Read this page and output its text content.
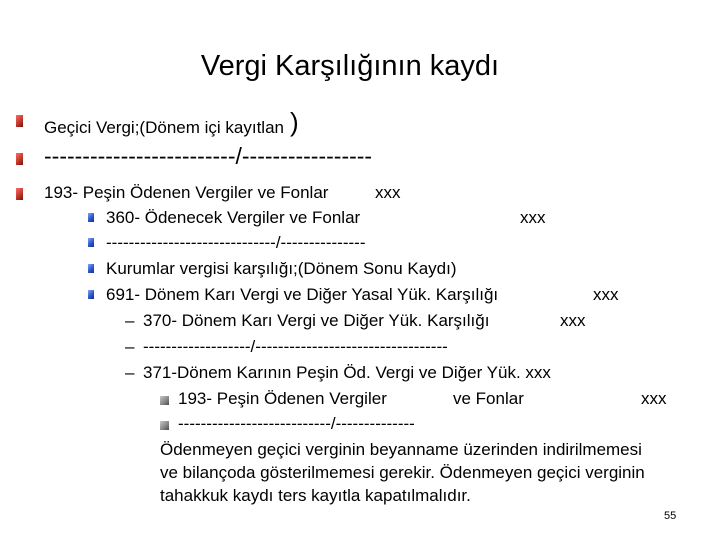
Vergi Karşılığının kaydı
Geçici Vergi;(Dönem içi kayıtlan )
-------------------------/-----------------
193- Peşin Ödenen Vergiler ve Fonlar	xxx
360- Ödenecek Vergiler ve Fonlar	xxx
------------------------------/---------------
Kurumlar vergisi karşılığı;(Dönem Sonu Kaydı)
691- Dönem Karı Vergi ve Diğer Yasal Yük. Karşılığı	xxx
– 370- Dönem Karı Vergi ve Diğer Yük. Karşılığı	xxx
– -------------------/----------------------------------
– 371-Dönem Karının Peşin Öd. Vergi ve Diğer Yük. xxx
193- Peşin Ödenen Vergiler	ve Fonlar	xxx
---------------------------/--------------
Ödenmeyen geçici verginin beyanname üzerinden indirilmemesi
ve bilançoda gösterilmemesi gerekir. Ödenmeyen geçici verginin
tahakkuk kaydı ters kayıtla kapatılmalıdır.
55
